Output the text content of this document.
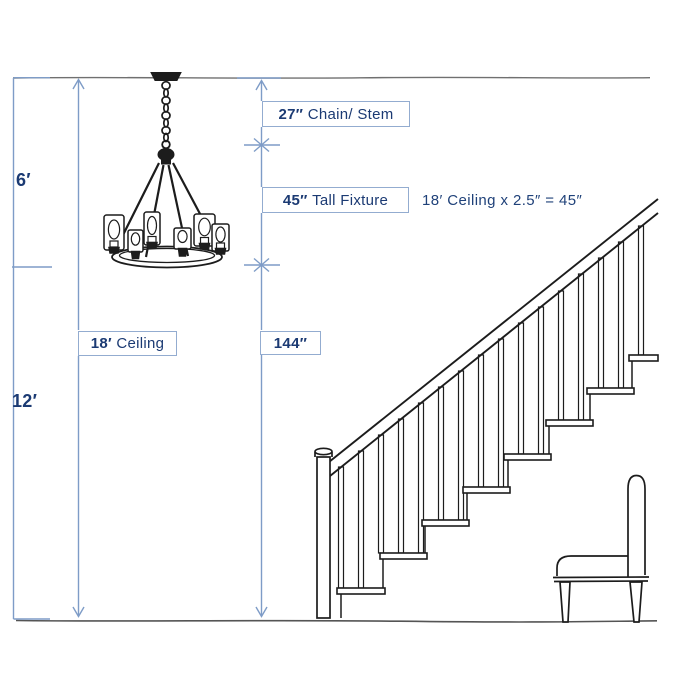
6′
12′
27″
Chain/ Stem
45″
Tall Fixture 18′ Ceiling x 2.5″ = 45″
18′
Ceiling	144″
